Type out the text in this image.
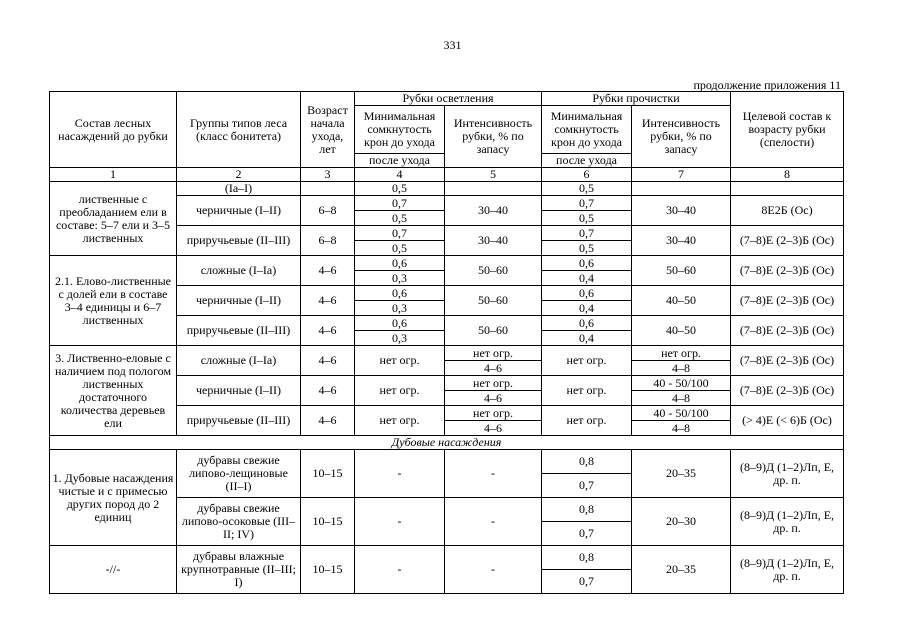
331
продолжение приложения 11
Состав лесных насаждений до рубки	Группы типов леса (класс бонитета)	Возраст начала ухода, лет	Рубки осветления		Рубки прочистки		Целевой состав к возрасту рубки (спелости)
			Минимальная сомкнутость крон до ухода	Интенсивность рубки, % по запасу	Минимальная сомкнутость крон до ухода	Интенсивность рубки, % по запасу	
			после ухода		после ухода		
1	2	3	4	5	6	7	8
лиственные с преобладанием ели в составе: 5–7 ели и 3–5 лиственных	(Ia–I)		0,5		0,5		
	черничные (I–II)	6–8	0,7	30–40	0,7	30–40	8Е2Б (Ос)
			0,5		0,5		
	приручьевые (II–III)	6–8	0,7	30–40	0,7	30–40	(7–8)Е (2–3)Б (Ос)
			0,5		0,5		
2.1. Елово-лиственные с долей ели в составе 3–4 единицы и 6–7 лиственных	сложные (I–Ia)	4–6	0,6	50–60	0,6	50–60	(7–8)Е (2–3)Б (Ос)
			0,3		0,4		
	черничные (I–II)	4–6	0,6	50–60	0,6	40–50	(7–8)Е (2–3)Б (Ос)
			0,3		0,4		
	приручьевые (II–III)	4–6	0,6	50–60	0,6	40–50	(7–8)Е (2–3)Б (Ос)
			0,3		0,4		
3. Лиственно-еловые с наличием под пологом лиственных достаточного количества деревьев ели	сложные (I–Ia)	4–6	нет огр.	нет огр.	нет огр.	нет огр.	(7–8)Е (2–3)Б (Ос)
				4–6		4–8	
	черничные (I–II)	4–6	нет огр.	нет огр.	нет огр.	40 - 50/100	(7–8)Е (2–3)Б (Ос)
				4–6		4–8	
	приручьевые (II–III)	4–6	нет огр.	нет огр.	нет огр.	40 - 50/100	(> 4)Е (< 6)Б (Ос)
				4–6		4–8	
Дубовые насаждения							
1. Дубовые насаждения чистые и с примесью других пород до 2 единиц	дубравы свежие липово-лещиновые (II–I)	10–15	-	-	0,8	20–35	(8–9)Д (1–2)Лп, Е, др. п.
					0,7		
	дубравы свежие липово-осоковые (III–II; IV)	10–15	-	-	0,8	20–30	(8–9)Д (1–2)Лп, Е, др. п.
					0,7		
-//-	дубравы влажные крупнотравные (II–III; I)	10–15	-	-	0,8	20–35	(8–9)Д (1–2)Лп, Е, др. п.
					0,7		
